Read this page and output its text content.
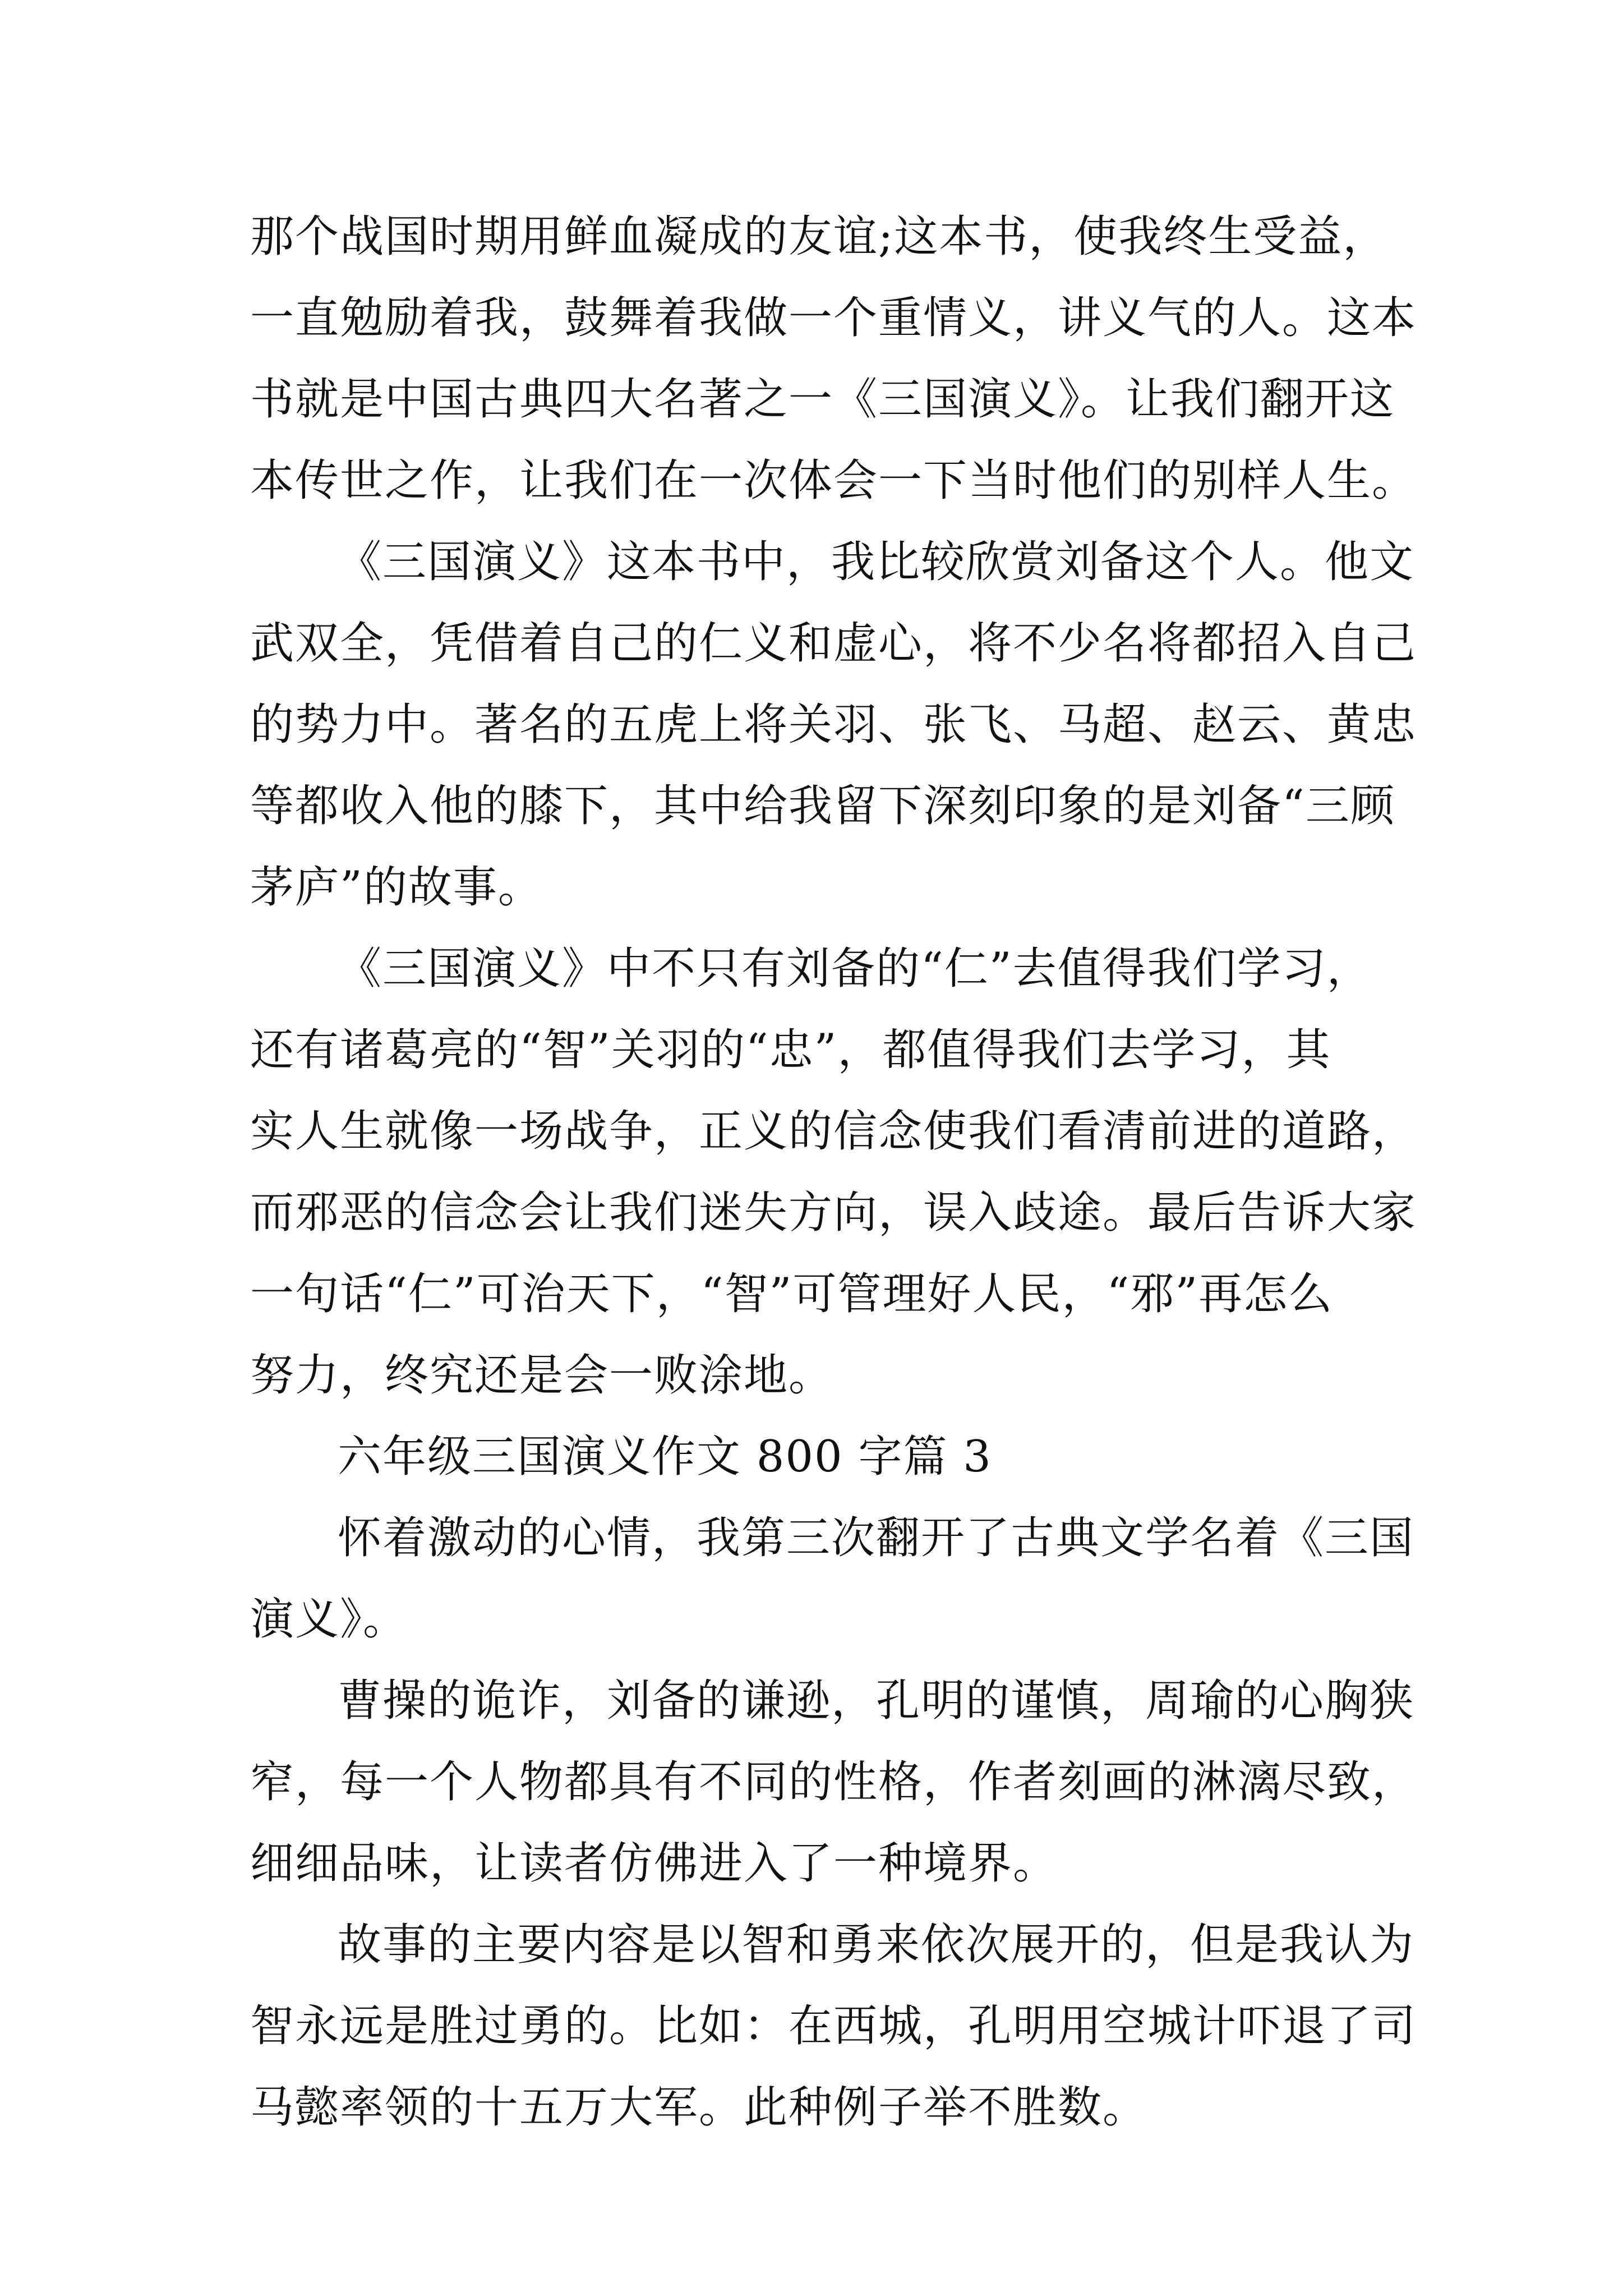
那个战国时期用鲜血凝成的友谊;这本书，使我终生受益，
一直勉励着我，鼓舞着我做一个重情义，讲义气的人。这本
书就是中国古典四大名著之一《三国演义》。让我们翻开这
本传世之作，让我们在一次体会一下当时他们的别样人生。
《三国演义》这本书中，我比较欣赏刘备这个人。他文
武双全，凭借着自己的仁义和虚心，将不少名将都招入自己
的势力中。著名的五虎上将关羽、张飞、马超、赵云、黄忠
等都收入他的膝下，其中给我留下深刻印象的是刘备“三顾
茅庐”的故事。
《三国演义》中不只有刘备的“仁”去值得我们学习，
还有诸葛亮的“智”关羽的“忠”，都值得我们去学习，其
实人生就像一场战争，正义的信念使我们看清前进的道路，
而邪恶的信念会让我们迷失方向，误入歧途。最后告诉大家
一句话“仁”可治天下，“智”可管理好人民，“邪”再怎么
努力，终究还是会一败涂地。
六年级三国演义作文 800 字篇 3
怀着激动的心情，我第三次翻开了古典文学名着《三国
演义》。
曹操的诡诈，刘备的谦逊，孔明的谨慎，周瑜的心胸狭
窄，每一个人物都具有不同的性格，作者刻画的淋漓尽致，
细细品味，让读者仿佛进入了一种境界。
故事的主要内容是以智和勇来依次展开的，但是我认为
智永远是胜过勇的。比如：在西城，孔明用空城计吓退了司
马懿率领的十五万大军。此种例子举不胜数。
